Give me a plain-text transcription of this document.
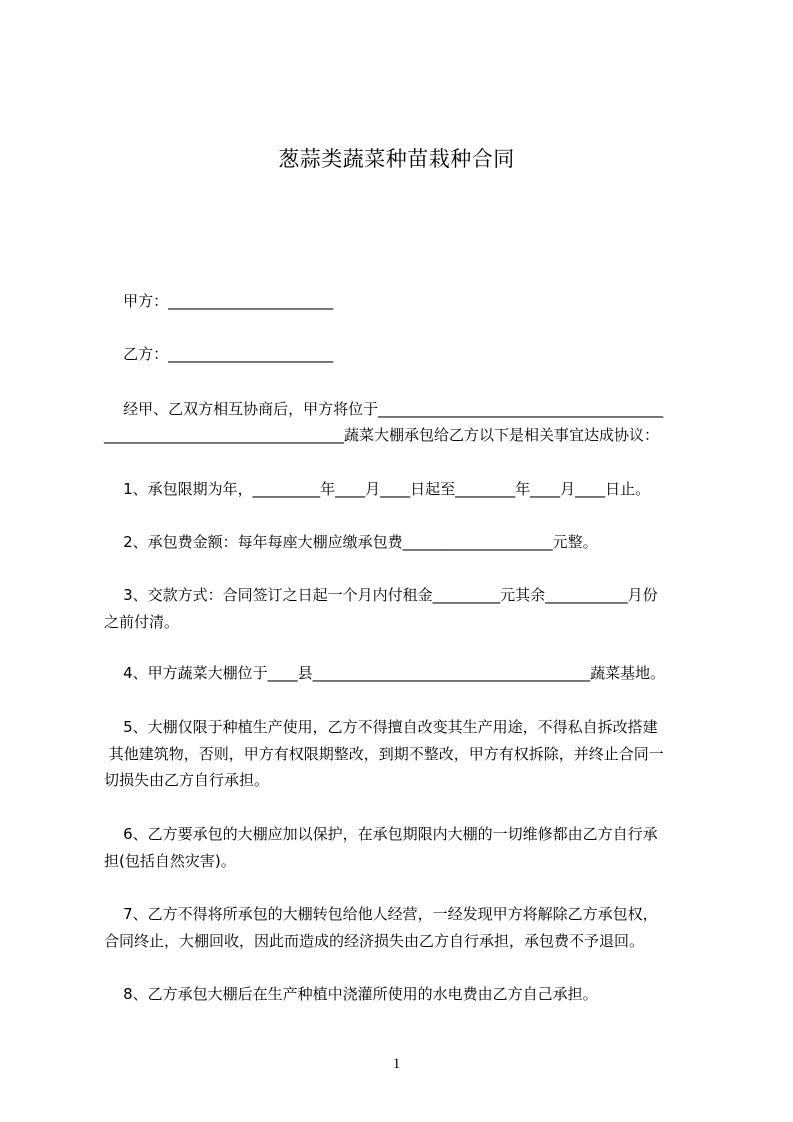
葱蒜类蔬菜种苗栽种合同
甲方：______________________
乙方：______________________
经甲、乙双方相互协商后，甲方将位于______________________________________
________________________________蔬菜大棚承包给乙方以下是相关事宜达成协议：
1、承包限期为年，_________年____月____日起至________年____月____日止。
2、承包费金额：每年每座大棚应缴承包费____________________元整。
3、交款方式：合同签订之日起一个月内付租金_________元其余___________月份
之前付清。
4、甲方蔬菜大棚位于____县_____________________________________蔬菜基地。
5、大棚仅限于种植生产使用，乙方不得擅自改变其生产用途，不得私自拆改搭建
其他建筑物，否则，甲方有权限期整改，到期不整改，甲方有权拆除，并终止合同一
切损失由乙方自行承担。
6、乙方要承包的大棚应加以保护，在承包期限内大棚的一切维修都由乙方自行承
担(包括自然灾害)。
7、乙方不得将所承包的大棚转包给他人经营，一经发现甲方将解除乙方承包权，
合同终止，大棚回收，因此而造成的经济损失由乙方自行承担，承包费不予退回。
8、乙方承包大棚后在生产种植中浇灌所使用的水电费由乙方自己承担。
1
